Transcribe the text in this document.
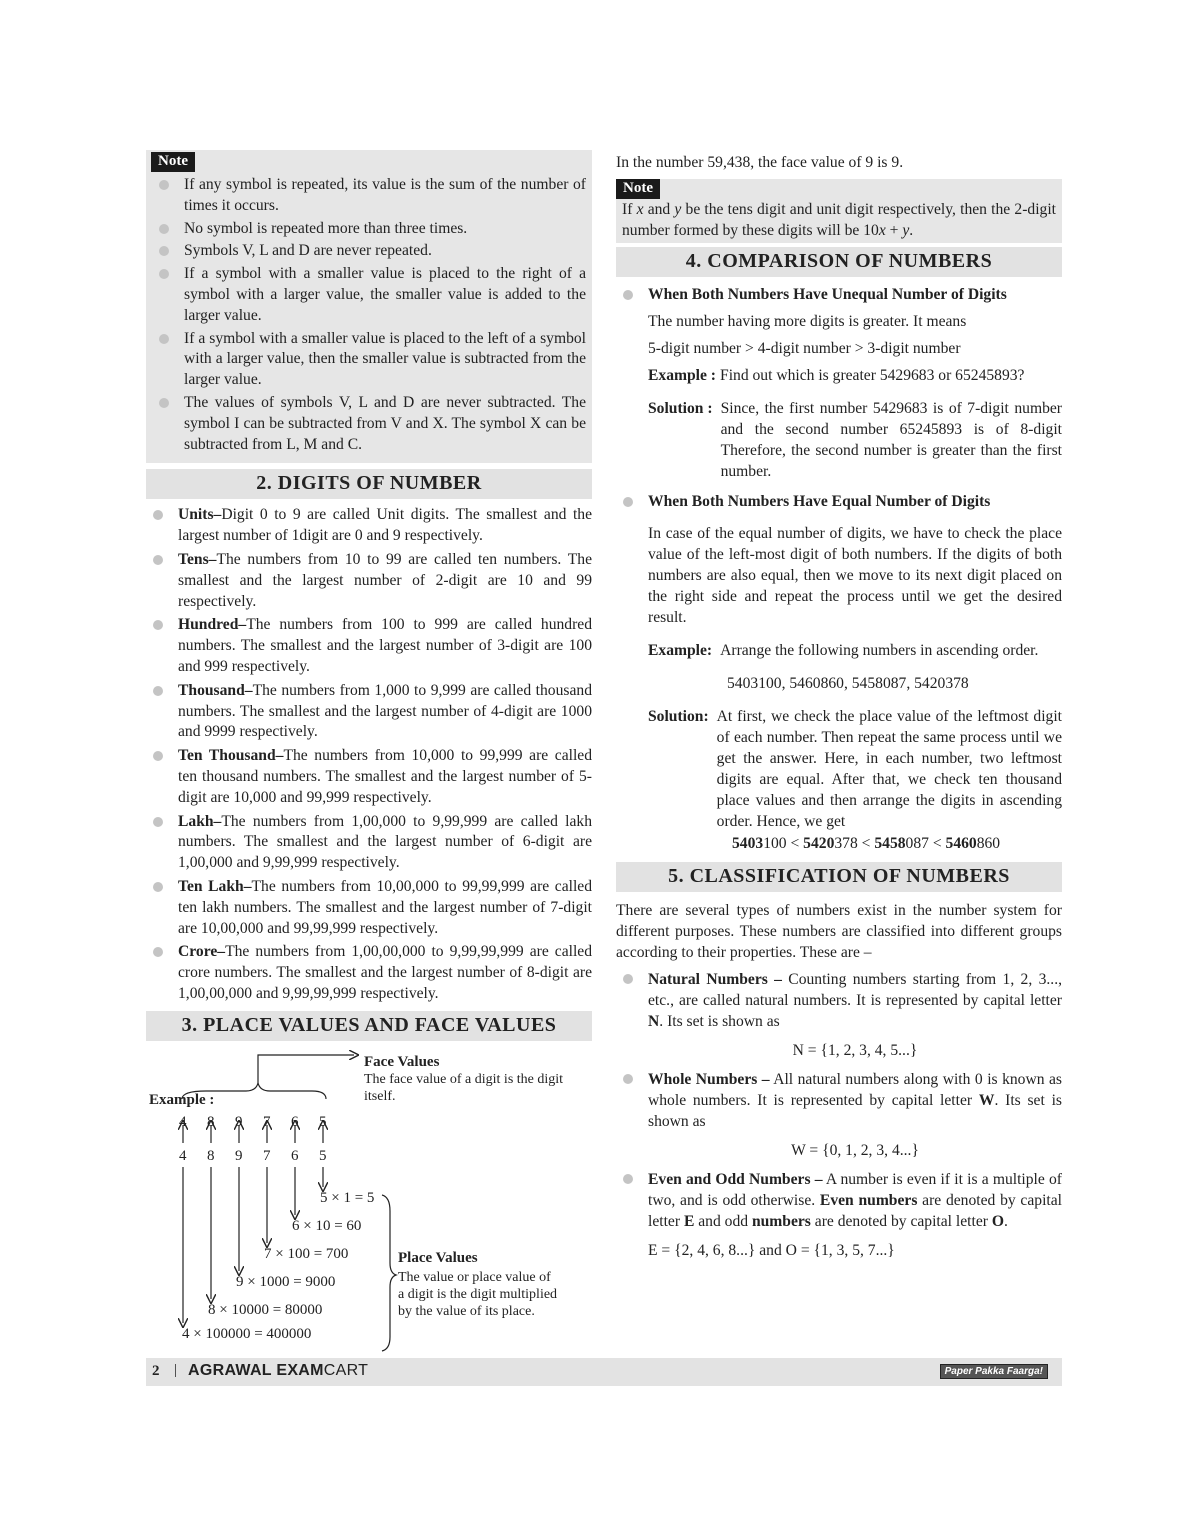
Note
If any symbol is repeated, its value is the sum of the number of times it occurs.
No symbol is repeated more than three times.
Symbols V, L and D are never repeated.
If a symbol with a smaller value is placed to the right of a symbol with a larger value, the smaller value is added to the larger value.
If a symbol with a smaller value is placed to the left of a symbol with a larger value, then the smaller value is subtracted from the larger value.
The values of symbols V, L and D are never subtracted. The symbol I can be subtracted from V and X. The symbol X can be subtracted from L, M and C.
2. DIGITS OF NUMBER
Units–Digit 0 to 9 are called Unit digits. The smallest and the largest number of 1digit are 0 and 9 respectively.
Tens–The numbers from 10 to 99 are called ten numbers. The smallest and the largest number of 2-digit are 10 and 99 respectively.
Hundred–The numbers from 100 to 999 are called hundred numbers. The smallest and the largest number of 3-digit are 100 and 999 respectively.
Thousand–The numbers from 1,000 to 9,999 are called thousand numbers. The smallest and the largest number of 4-digit are 1000 and 9999 respectively.
Ten Thousand–The numbers from 10,000 to 99,999 are called ten thousand numbers. The smallest and the largest number of 5-digit are 10,000 and 99,999 respectively.
Lakh–The numbers from 1,00,000 to 9,99,999 are called lakh numbers. The smallest and the largest number of 6-digit are 1,00,000 and 9,99,999 respectively.
Ten Lakh–The numbers from 10,00,000 to 99,99,999 are called ten lakh numbers. The smallest and the largest number of 7-digit are 10,00,000 and 99,99,999 respectively.
Crore–The numbers from 1,00,00,000 to 9,99,99,999 are called crore numbers. The smallest and the largest number of 8-digit are 1,00,00,000 and 9,99,99,999 respectively.
3. PLACE VALUES AND FACE VALUES
Face Values
The face value of a digit is the digit
itself.
Example :
4 8 9 7 6 5
4 8 9 7 6 5
5 × 1 = 5
6 × 10 = 60
7 × 100 = 700
9 × 1000 = 9000
8 × 10000 = 80000
4 × 100000 = 400000
Place Values
The value or place value of
a digit is the digit multiplied
by the value of its place.

In the number 59,438, the face value of 9 is 9.

Note

If x and y be the tens digit and unit digit respectively, then the 2-digit number formed by these digits will be 10x + y.

4. COMPARISON OF NUMBERS
When Both Numbers Have Unequal Number of Digits

The number having more digits is greater. It means

5-digit number > 4-digit number > 3-digit number

Example : Find out which is greater 5429683 or 65245893?
Solution : Since, the first number 5429683 is of 7-digit number and the second number 65245893 is of 8-digit Therefore, the second number is greater than the first number.
When Both Numbers Have Equal Number of Digits

In case of the equal number of digits, we have to check the place value of the left-most digit of both numbers. If the digits of both numbers are also equal, then we move to its next digit placed on the right side and repeat the process until we get the desired result.

Example: Arrange the following numbers in ascending order.

5403100, 5460860, 5458087, 5420378

Solution: At first, we check the place value of the leftmost digit of each number. Then repeat the same process until we get the answer. Here, in each number, two leftmost digits are equal. After that, we check ten thousand place values and then arrange the digits in ascending order. Hence, we get

5403100 < 5420378 < 5458087 < 5460860

5. CLASSIFICATION OF NUMBERS

There are several types of numbers exist in the number system for different purposes. These numbers are classified into different groups according to their properties. These are –

Natural Numbers – Counting numbers starting from 1, 2, 3..., etc., are called natural numbers. It is represented by capital letter N. Its set is shown as

N = {1, 2, 3, 4, 5...}

Whole Numbers – All natural numbers along with 0 is known as whole numbers. It is represented by capital letter W. Its set is shown as

W = {0, 1, 2, 3, 4...}

Even and Odd Numbers – A number is even if it is a multiple of two, and is odd otherwise. Even numbers are denoted by capital letter E and odd numbers are denoted by capital letter O.

E = {2, 4, 6, 8...} and O = {1, 3, 5, 7...}

2 | AGRAWAL EXAMCART	Paper Pakka Faarga!
